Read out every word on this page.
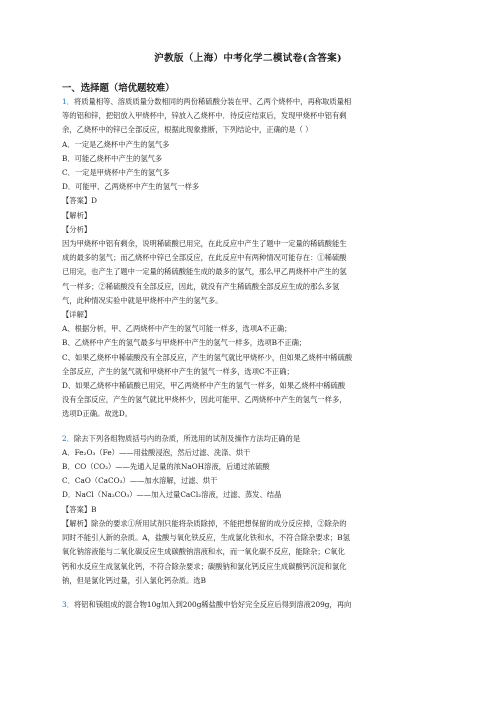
沪教版（上海）中考化学二模试卷(含答案)
一、选择题（培优题较难）

1．将质量相等、溶质质量分数相同的两份稀硫酸分装在甲、乙两个烧杯中，再称取质量相

等的铝和锌，把铝放入甲烧杯中，锌放入乙烧杯中．待反应结束后，发现甲烧杯中铝有剩

余，乙烧杯中的锌已全部反应，根据此现象推断，下列结论中，正确的是（ ）

A．一定是乙烧杯中产生的氢气多

B．可能乙烧杯中产生的氢气多

C．一定是甲烧杯中产生的氢气多

D．可能甲、乙两烧杯中产生的氢气一样多

【答案】D

【解析】

【分析】

因为甲烧杯中铝有剩余，说明稀硫酸已用完，在此反应中产生了题中一定量的稀硫酸能生

成的最多的氢气；而乙烧杯中锌已全部反应，在此反应中有两种情况可能存在：①稀硫酸

已用完，也产生了题中一定量的稀硫酸能生成的最多的氢气，那么甲乙两烧杯中产生的氢

气一样多；②稀硫酸没有全部反应，因此，就没有产生稀硫酸全部反应生成的那么多氢

气，此种情况实验中就是甲烧杯中产生的氢气多。

【详解】

A、根据分析，甲、乙两烧杯中产生的氢气可能一样多，选项A不正确；

B、乙烧杯中产生的氢气最多与甲烧杯中产生的氢气一样多，选项B不正确；

C、如果乙烧杯中稀硫酸没有全部反应，产生的氢气就比甲烧杯少，但如果乙烧杯中稀硫酸

全部反应，产生的氢气就和甲烧杯中产生的氢气一样多，选项C不正确；

D、如果乙烧杯中稀硫酸已用完，甲乙两烧杯中产生的氢气一样多，如果乙烧杯中稀硫酸

没有全部反应，产生的氢气就比甲烧杯少，因此可能甲、乙两烧杯中产生的氢气一样多，

选项D正确。故选D。

2．除去下列各组物质括号内的杂质，所选用的试剂及操作方法均正确的是

A．Fe₂O₃（Fe）——用盐酸浸泡，然后过滤、洗涤、烘干

B．CO（CO₂）——先通入足量的浓NaOH溶液，后通过浓硫酸

C．CaO（CaCO₃）——加水溶解，过滤、烘干

D．NaCl（Na₂CO₃）——加入过量CaCl₂溶液，过滤、蒸发、结晶

【答案】B

【解析】除杂的要求①所用试剂只能将杂质除掉，不能把想保留的成分反应掉，②除杂的

同时不能引入新的杂质。A，盐酸与氧化铁反应，生成氯化铁和水，不符合除杂要求；B氢

氧化钠溶液能与二氧化碳反应生成碳酸钠溶液和水，而一氧化碳不反应，能除杂；C氧化

钙和水反应生成氢氧化钙，不符合除杂要求；碳酸钠和氯化钙反应生成碳酸钙沉淀和氯化

钠，但是氯化钙过量，引入氯化钙杂质。选B

3．将铝和镁组成的混合物10g加入到200g稀盐酸中恰好完全反应后得到溶液209g，再向
